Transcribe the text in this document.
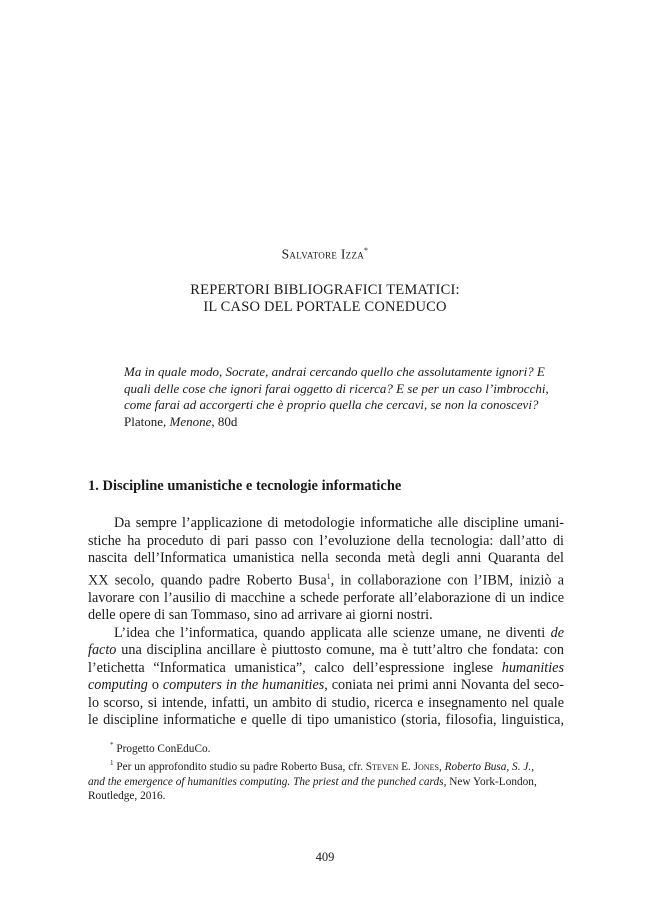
Salvatore Izza*
REPERTORI BIBLIOGRAFICI TEMATICI:
IL CASO DEL PORTALE CONEDUCO
Ma in quale modo, Socrate, andrai cercando quello che assolutamente ignori? E
quali delle cose che ignori farai oggetto di ricerca? E se per un caso l’imbrocchi,
come farai ad accorgerti che è proprio quella che cercavi, se non la conoscevi?
Platone, Menone, 80d
1. Discipline umanistiche e tecnologie informatiche
Da sempre l’applicazione di metodologie informatiche alle discipline umani-
stiche ha proceduto di pari passo con l’evoluzione della tecnologia: dall’atto di
nascita dell’Informatica umanistica nella seconda metà degli anni Quaranta del
XX secolo, quando padre Roberto Busa$^1$, in collaborazione con l’IBM, iniziò a
lavorare con l’ausilio di macchine a schede perforate all’elaborazione di un indice
delle opere di san Tommaso, sino ad arrivare ai giorni nostri.
L’idea che l’informatica, quando applicata alle scienze umane, ne diventi de
facto una disciplina ancillare è piuttosto comune, ma è tutt’altro che fondata: con
l’etichetta “Informatica umanistica”, calco dell’espressione inglese humanities
computing o computers in the humanities, coniata nei primi anni Novanta del seco-
lo scorso, si intende, infatti, un ambito di studio, ricerca e insegnamento nel quale
le discipline informatiche e quelle di tipo umanistico (storia, filosofia, linguistica,
* Progetto ConEduCo.
$^1$ Per un approfondito studio su padre Roberto Busa, cfr. Steven E. Jones, Roberto Busa, S. J.,
and the emergence of humanities computing. The priest and the punched cards, New York-London,
Routledge, 2016.
409
